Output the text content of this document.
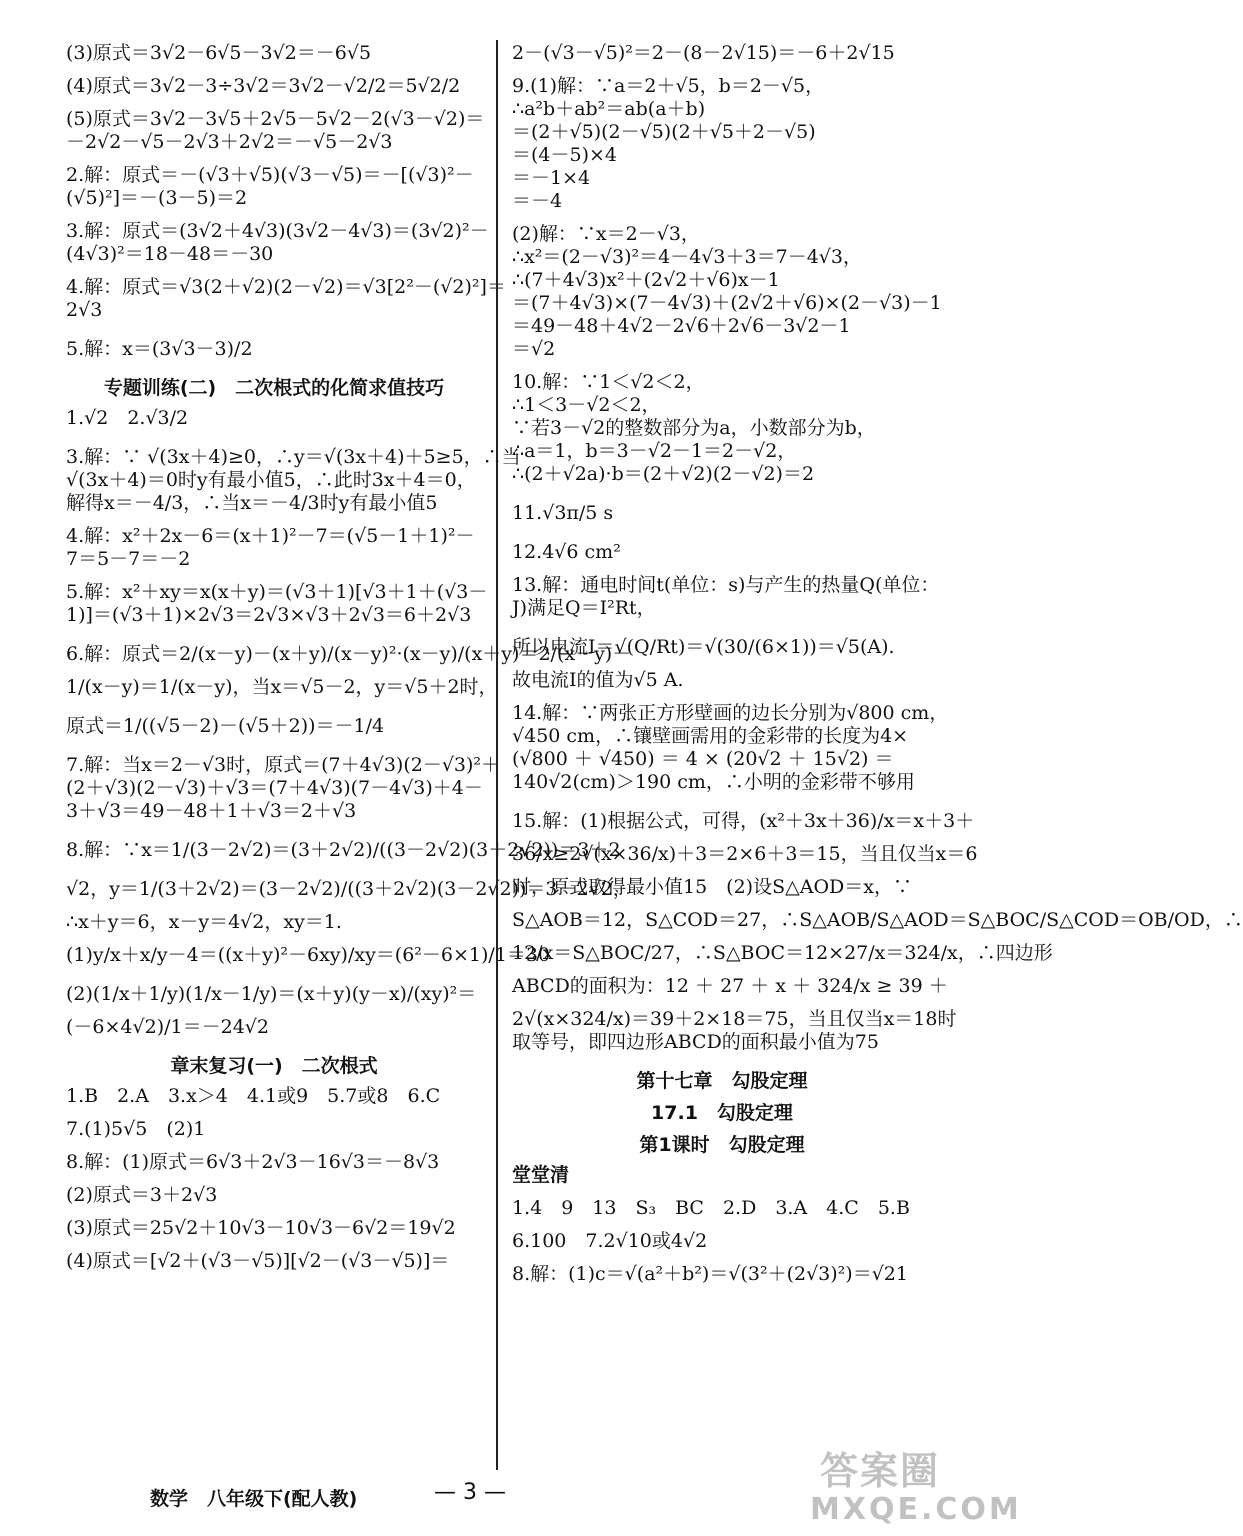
(3)原式＝3√2－6√5－3√2＝－6√5

(4)原式＝3√2－3÷3√2＝3√2－√2/2＝5√2/2

(5)原式＝3√2－3√5＋2√5－5√2－2(√3－√2)＝

－2√2－√5－2√3＋2√2＝－√5－2√3

2.解：原式＝－(√3＋√5)(√3－√5)＝－[(√3)²－

(√5)²]＝－(3－5)＝2

3.解：原式＝(3√2＋4√3)(3√2－4√3)＝(3√2)²－

(4√3)²＝18－48＝－30

4.解：原式＝√3(2＋√2)(2－√2)＝√3[2²－(√2)²]＝

2√3

5.解：x＝(3√3－3)/2

专题训练(二)　二次根式的化简求值技巧

1.√2　2.√3/2

3.解：∵ √(3x＋4)≥0，∴y＝√(3x＋4)＋5≥5，∴当

√(3x＋4)＝0时y有最小值5，∴此时3x＋4＝0，

解得x＝－4/3，∴当x＝－4/3时y有最小值5

4.解：x²＋2x－6＝(x＋1)²－7＝(√5－1＋1)²－

7＝5－7＝－2

5.解：x²＋xy＝x(x＋y)＝(√3＋1)[√3＋1＋(√3－

1)]＝(√3＋1)×2√3＝2√3×√3＋2√3＝6＋2√3

6.解：原式＝2/(x－y)－(x＋y)/(x－y)²·(x－y)/(x＋y)＝2/(x－y)－

1/(x－y)＝1/(x－y)，当x＝√5－2，y＝√5＋2时，

原式＝1/((√5－2)－(√5＋2))＝－1/4

7.解：当x＝2－√3时，原式＝(7＋4√3)(2－√3)²＋

(2＋√3)(2－√3)＋√3＝(7＋4√3)(7－4√3)＋4－

3＋√3＝49－48＋1＋√3＝2＋√3

8.解：∵x＝1/(3－2√2)＝(3＋2√2)/((3－2√2)(3＋2√2))＝3＋2

√2，y＝1/(3＋2√2)＝(3－2√2)/((3＋2√2)(3－2√2))＝3－2√2，

∴x＋y＝6，x－y＝4√2，xy＝1.

(1)y/x＋x/y－4＝((x＋y)²－6xy)/xy＝(6²－6×1)/1＝30

(2)(1/x＋1/y)(1/x－1/y)＝(x＋y)(y－x)/(xy)²＝

(－6×4√2)/1＝－24√2

章末复习(一)　二次根式

1.B　2.A　3.x＞4　4.1或9　5.7或8　6.C

7.(1)5√5　(2)1

8.解：(1)原式＝6√3＋2√3－16√3＝－8√3

(2)原式＝3＋2√3

(3)原式＝25√2＋10√3－10√3－6√2＝19√2

(4)原式＝[√2＋(√3－√5)][√2－(√3－√5)]＝

2－(√3－√5)²＝2－(8－2√15)＝－6＋2√15

9.(1)解：∵a＝2＋√5，b＝2－√5，

∴a²b＋ab²＝ab(a＋b)

＝(2＋√5)(2－√5)(2＋√5＋2－√5)

＝(4－5)×4

＝－1×4

＝－4

(2)解：∵x＝2－√3，

∴x²＝(2－√3)²＝4－4√3＋3＝7－4√3，

∴(7＋4√3)x²＋(2√2＋√6)x－1

＝(7＋4√3)×(7－4√3)＋(2√2＋√6)×(2－√3)－1

＝49－48＋4√2－2√6＋2√6－3√2－1

＝√2

10.解：∵1＜√2＜2，

∴1＜3－√2＜2，

∵若3－√2的整数部分为a，小数部分为b，

∴a＝1，b＝3－√2－1＝2－√2，

∴(2＋√2a)·b＝(2＋√2)(2－√2)＝2

11.√3π/5 s

12.4√6 cm²

13.解：通电时间t(单位：s)与产生的热量Q(单位：

J)满足Q＝I²Rt，

所以电流I＝√(Q/Rt)＝√(30/(6×1))＝√5(A).

故电流I的值为√5 A.

14.解：∵两张正方形壁画的边长分别为√800 cm，

√450 cm，∴镶壁画需用的金彩带的长度为4×

(√800 ＋ √450) ＝ 4 × (20√2 ＋ 15√2) ＝

140√2(cm)＞190 cm，∴小明的金彩带不够用

15.解：(1)根据公式，可得，(x²＋3x＋36)/x＝x＋3＋

36/x≥2√(x×36/x)＋3＝2×6＋3＝15，当且仅当x＝6

时，原式取得最小值15　(2)设S△AOD＝x，∵

S△AOB＝12，S△COD＝27，∴S△AOB/S△AOD＝S△BOC/S△COD＝OB/OD，∴

12/x＝S△BOC/27，∴S△BOC＝12×27/x＝324/x，∴四边形

ABCD的面积为：12 ＋ 27 ＋ x ＋ 324/x ≥ 39 ＋

2√(x×324/x)＝39＋2×18＝75，当且仅当x＝18时

取等号，即四边形ABCD的面积最小值为75

第十七章　勾股定理

17.1　勾股定理

第1课时　勾股定理

堂堂清

1.4　9　13　S₃　BC　2.D　3.A　4.C　5.B

6.100　7.2√10或4√2

8.解：(1)c＝√(a²＋b²)＝√(3²＋(2√3)²)＝√21

数学　八年级下(配人教)	— 3 —	答案圈
MXQE.COM
